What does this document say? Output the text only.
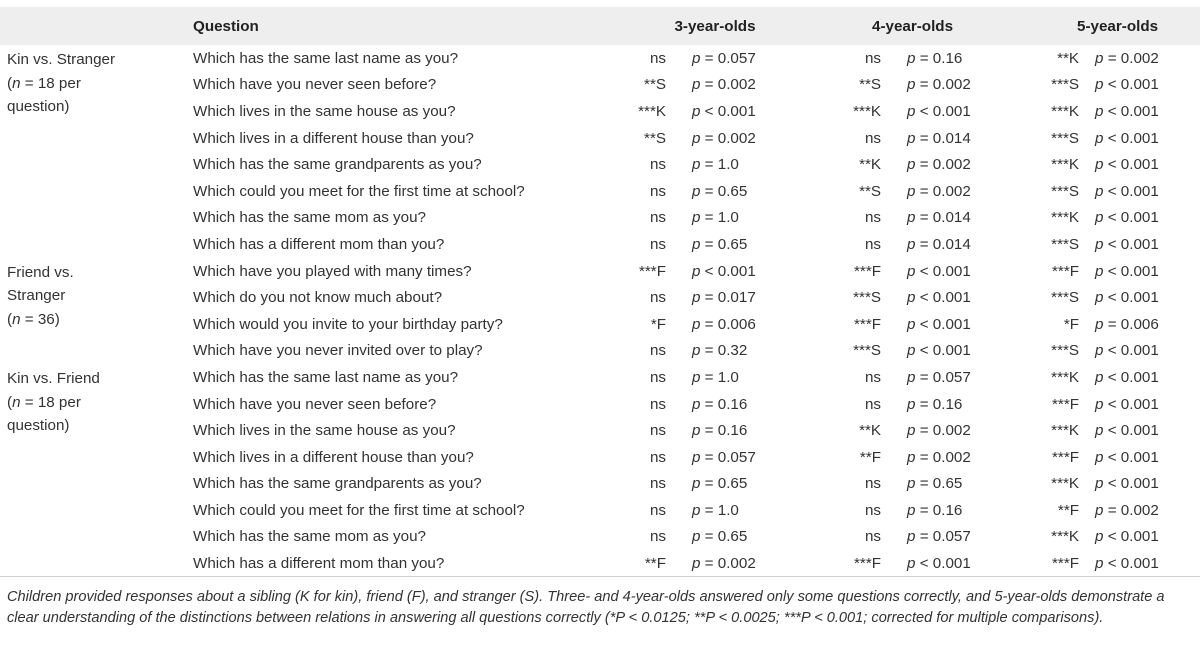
Question	3-year-olds		4-year-olds		5-year-olds	

Kin vs. Stranger
(n = 18 per
question)
Which has the same last name as you?	ns	p = 0.057	ns	p = 0.16	**K	p = 0.002
Which have you never seen before?	**S	p = 0.002	**S	p = 0.002	***S	p < 0.001
Which lives in the same house as you?	***K	p < 0.001	***K	p < 0.001	***K	p < 0.001
Which lives in a different house than you?	**S	p = 0.002	ns	p = 0.014	***S	p < 0.001
Which has the same grandparents as you?	ns	p = 1.0	**K	p = 0.002	***K	p < 0.001
Which could you meet for the first time at school?	ns	p = 0.65	**S	p = 0.002	***S	p < 0.001
Which has the same mom as you?	ns	p = 1.0	ns	p = 0.014	***K	p < 0.001
Which has a different mom than you?	ns	p = 0.65	ns	p = 0.014	***S	p < 0.001

Friend vs.
Stranger
(n = 36)
Which have you played with many times?	***F	p < 0.001	***F	p < 0.001	***F	p < 0.001
Which do you not know much about?	ns	p = 0.017	***S	p < 0.001	***S	p < 0.001
Which would you invite to your birthday party?	*F	p = 0.006	***F	p < 0.001	*F	p = 0.006
Which have you never invited over to play?	ns	p = 0.32	***S	p < 0.001	***S	p < 0.001

Kin vs. Friend
(n = 18 per
question)
Which has the same last name as you?	ns	p = 1.0	ns	p = 0.057	***K	p < 0.001
Which have you never seen before?	ns	p = 0.16	ns	p = 0.16	***F	p < 0.001
Which lives in the same house as you?	ns	p = 0.16	**K	p = 0.002	***K	p < 0.001
Which lives in a different house than you?	ns	p = 0.057	**F	p = 0.002	***F	p < 0.001
Which has the same grandparents as you?	ns	p = 0.65	ns	p = 0.65	***K	p < 0.001
Which could you meet for the first time at school?	ns	p = 1.0	ns	p = 0.16	**F	p = 0.002
Which has the same mom as you?	ns	p = 0.65	ns	p = 0.057	***K	p < 0.001
Which has a different mom than you?	**F	p = 0.002	***F	p < 0.001	***F	p < 0.001
Children provided responses about a sibling (K for kin), friend (F), and stranger (S). Three- and 4-year-olds answered only some questions correctly, and 5-year-olds demonstrate a clear understanding of the distinctions between relations in answering all questions correctly (*P < 0.0125; **P < 0.0025; ***P < 0.001; corrected for multiple comparisons).
